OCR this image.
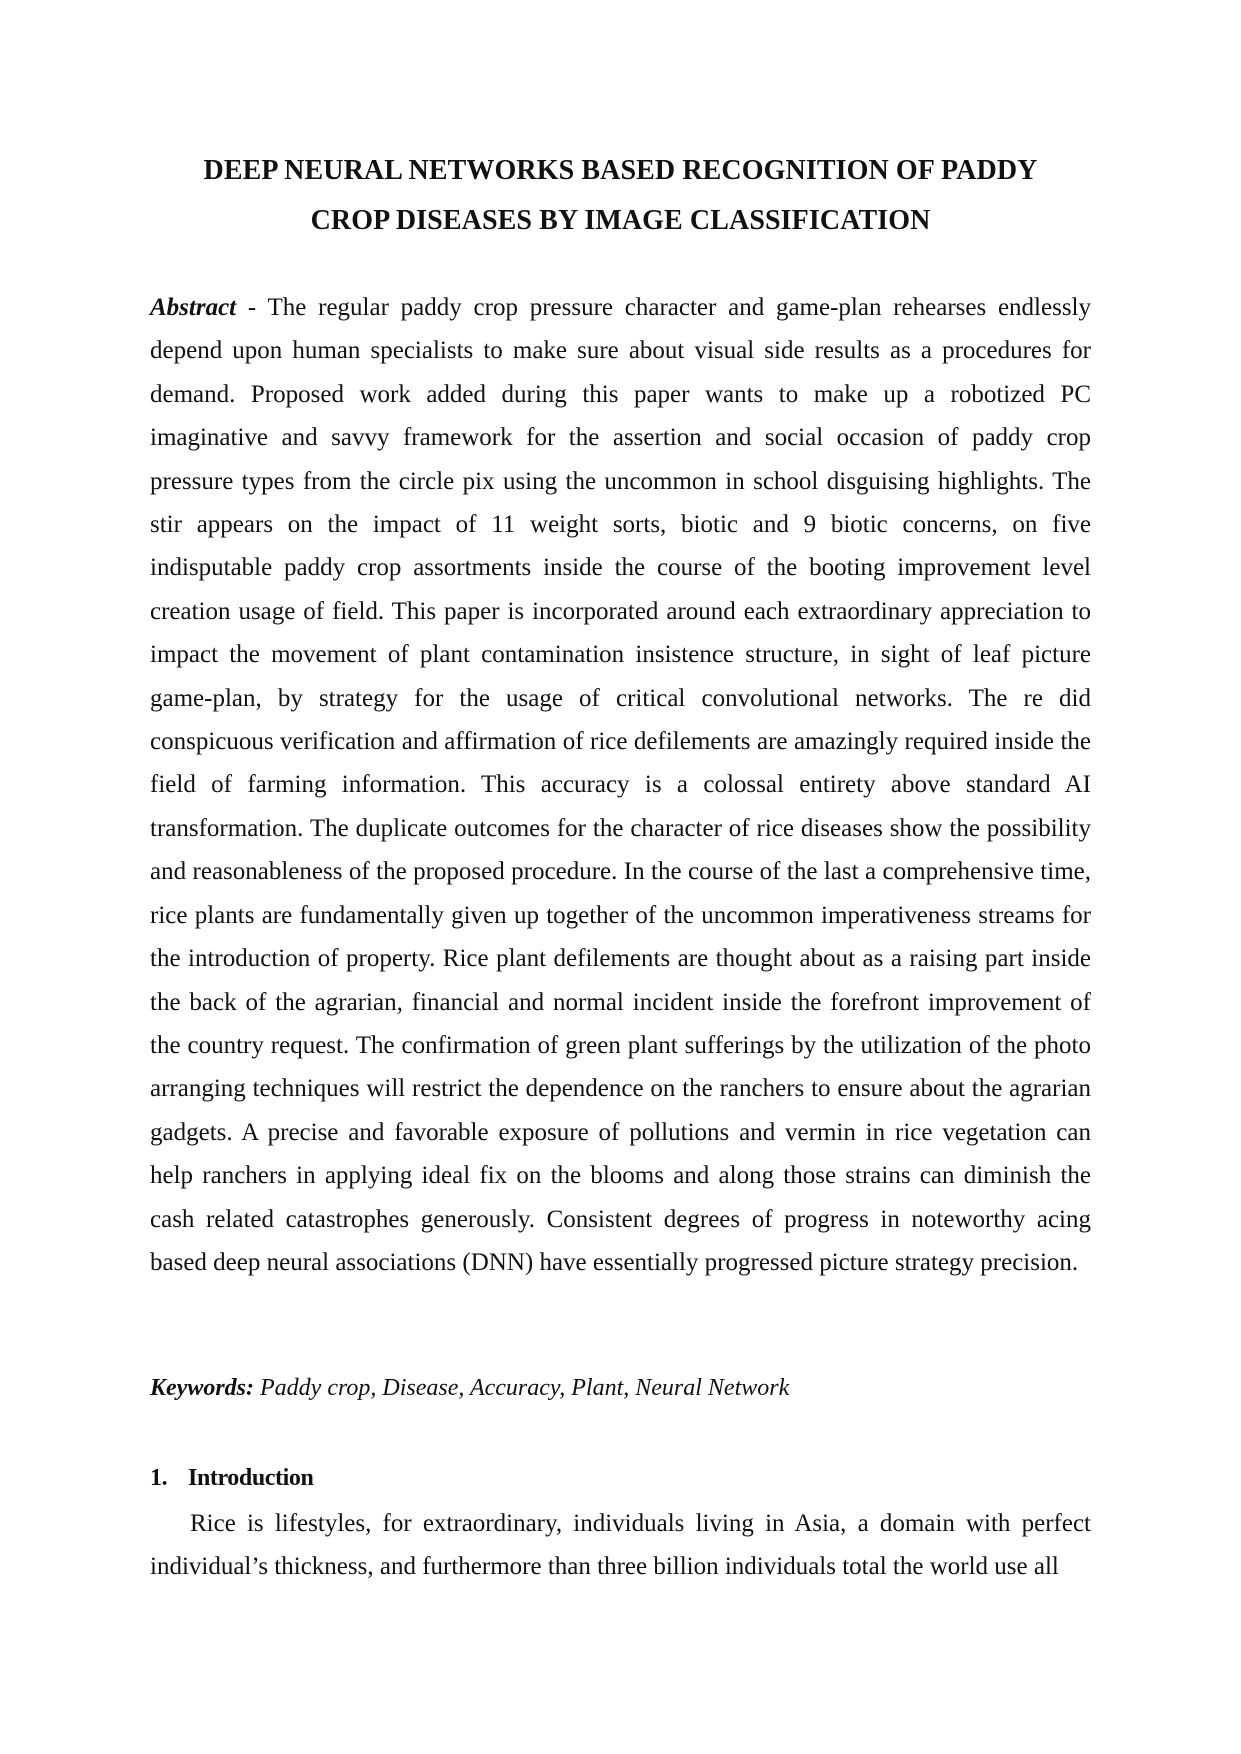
DEEP NEURAL NETWORKS BASED RECOGNITION OF PADDY
CROP DISEASES BY IMAGE CLASSIFICATION

Abstract - The regular paddy crop pressure character and game-plan rehearses endlessly depend upon human specialists to make sure about visual side results as a procedures for demand. Proposed work added during this paper wants to make up a robotized PC imaginative and savvy framework for the assertion and social occasion of paddy crop pressure types from the circle pix using the uncommon in school disguising highlights. The stir appears on the impact of 11 weight sorts, biotic and 9 biotic concerns, on five indisputable paddy crop assortments inside the course of the booting improvement level creation usage of field. This paper is incorporated around each extraordinary appreciation to impact the movement of plant contamination insistence structure, in sight of leaf picture game-plan, by strategy for the usage of critical convolutional networks. The re did conspicuous verification and affirmation of rice defilements are amazingly required inside the field of farming information. This accuracy is a colossal entirety above standard AI transformation. The duplicate outcomes for the character of rice diseases show the possibility and reasonableness of the proposed procedure. In the course of the last a comprehensive time, rice plants are fundamentally given up together of the uncommon imperativeness streams for the introduction of property. Rice plant defilements are thought about as a raising part inside the back of the agrarian, financial and normal incident inside the forefront improvement of the country request. The confirmation of green plant sufferings by the utilization of the photo arranging techniques will restrict the dependence on the ranchers to ensure about the agrarian gadgets. A precise and favorable exposure of pollutions and vermin in rice vegetation can help ranchers in applying ideal fix on the blooms and along those strains can diminish the cash related catastrophes generously. Consistent degrees of progress in noteworthy acing based deep neural associations (DNN) have essentially progressed picture strategy precision.

Keywords: Paddy crop, Disease, Accuracy, Plant, Neural Network
1. Introduction

Rice is lifestyles, for extraordinary, individuals living in Asia, a domain with perfect individual’s thickness, and furthermore than three billion individuals total the world use all
